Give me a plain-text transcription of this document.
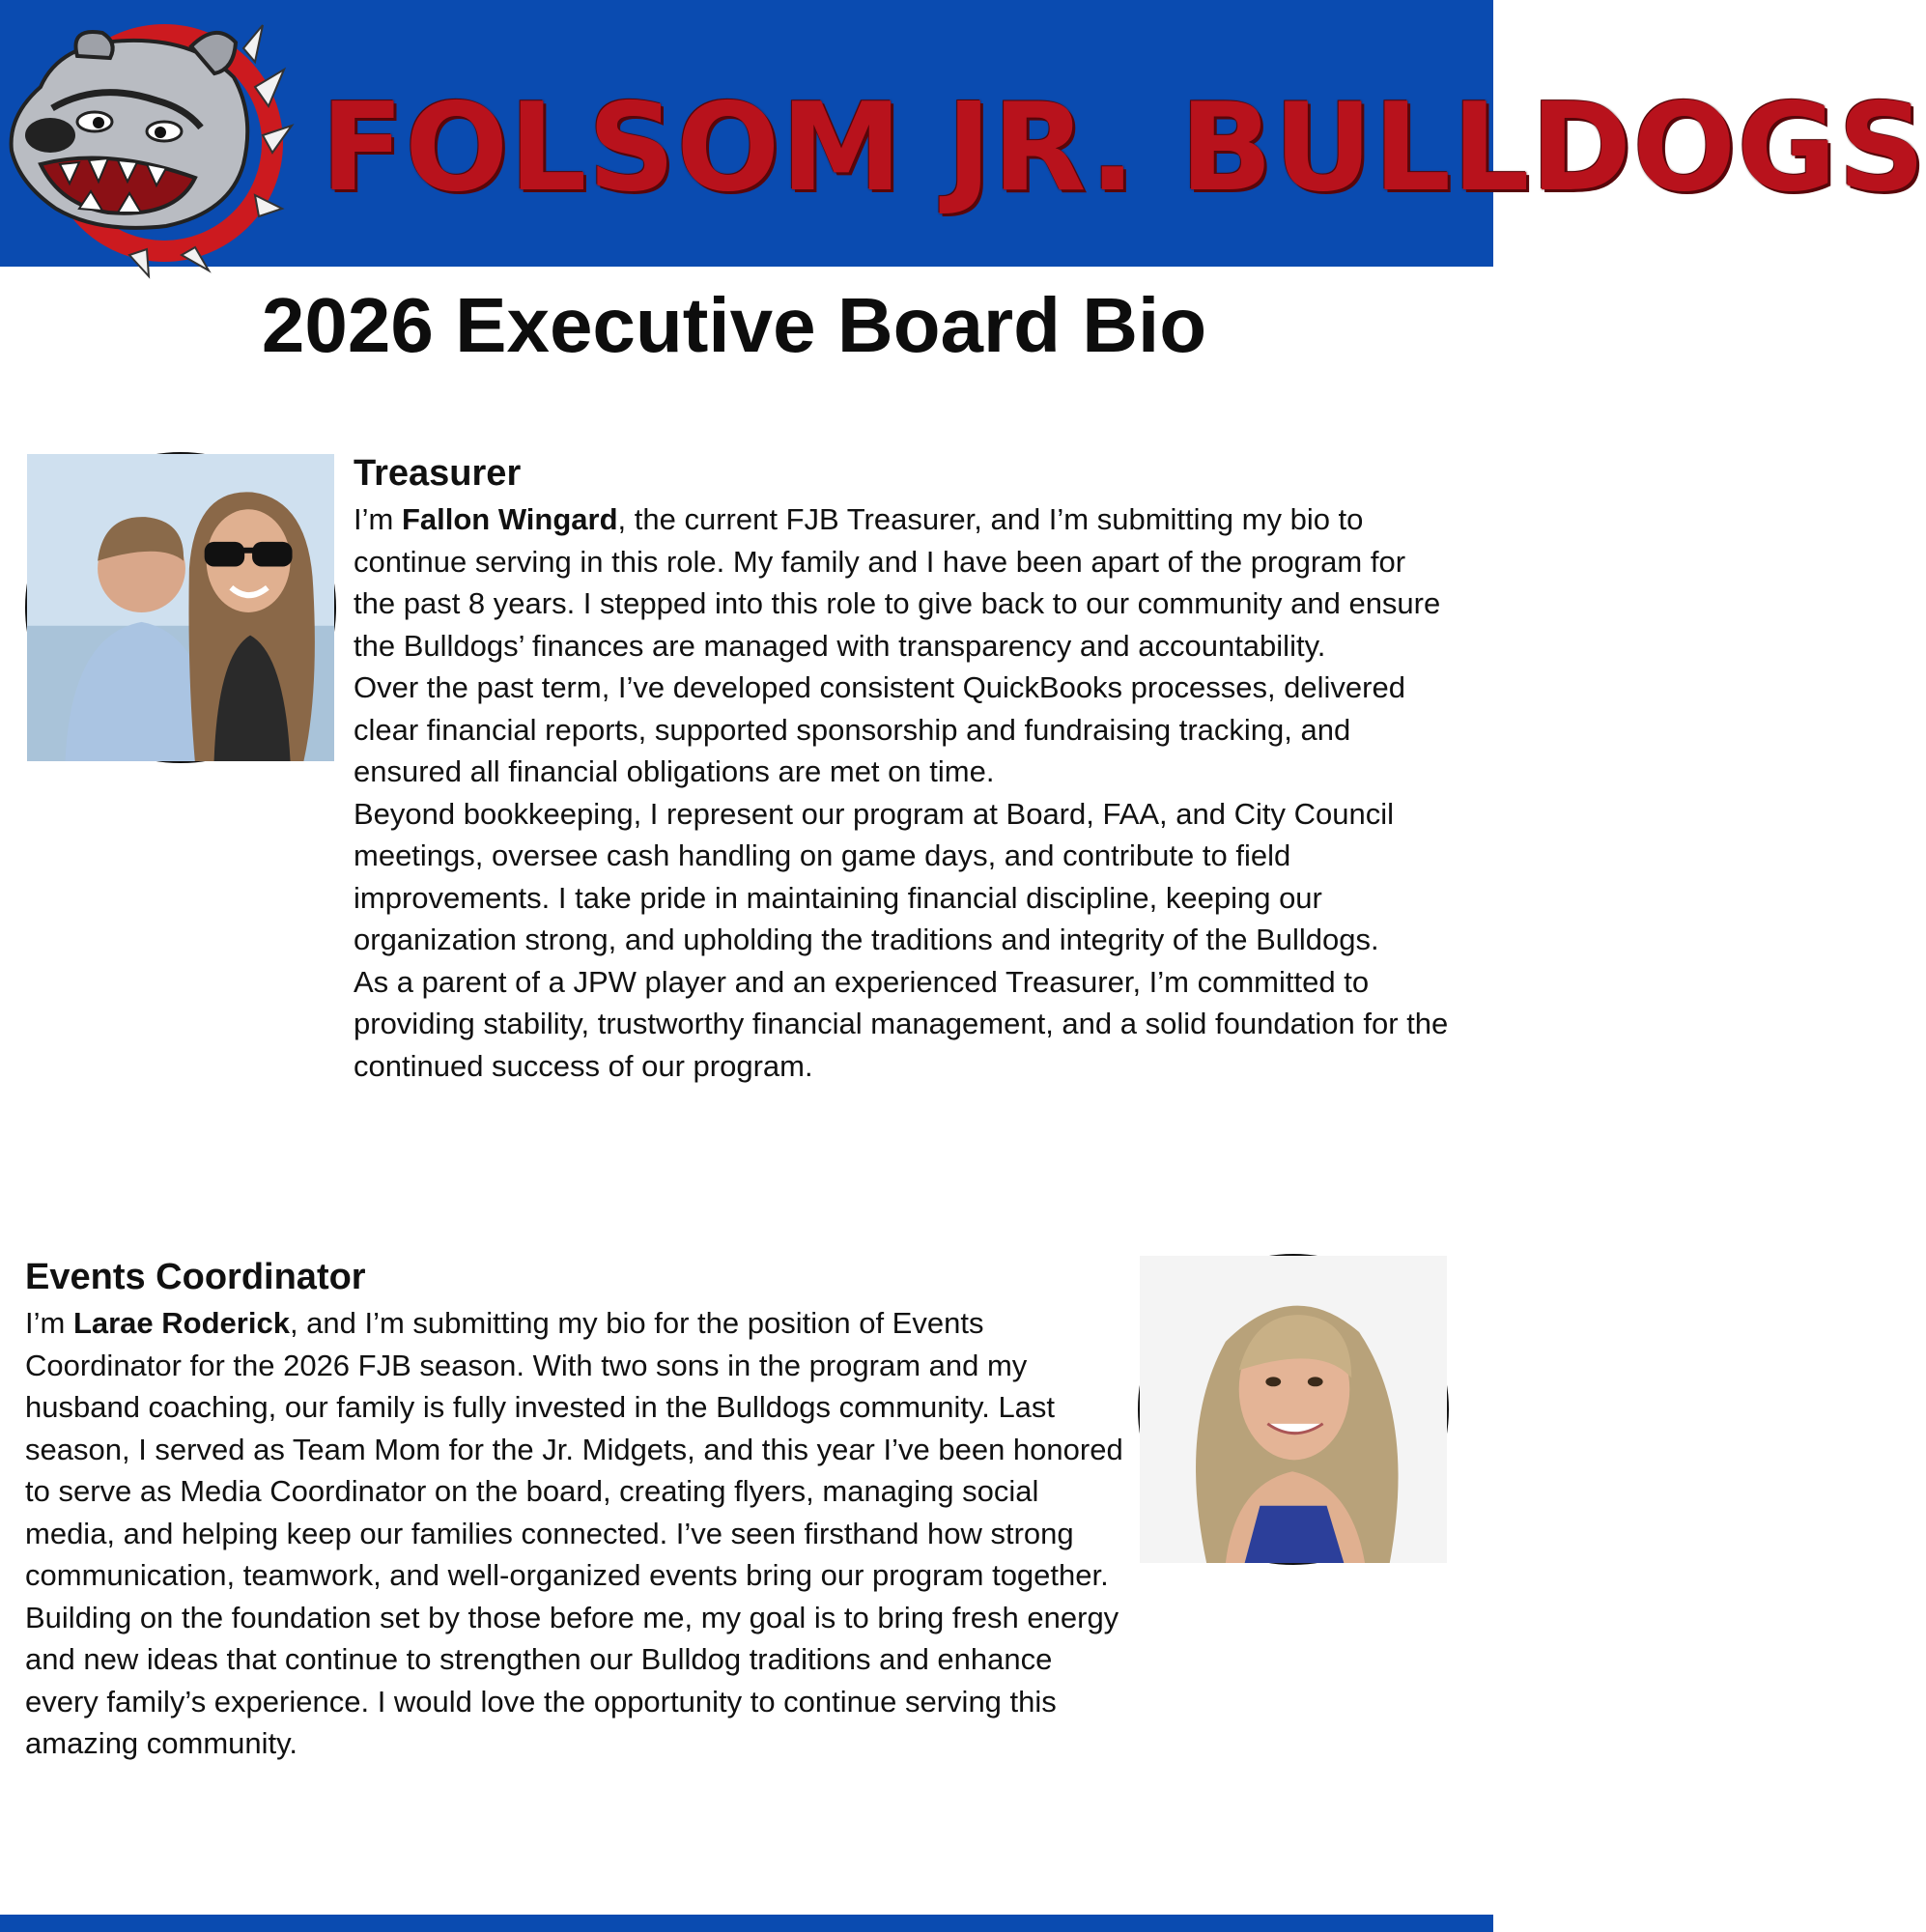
FOLSOM JR. BULLDOGS
2026 Executive Board Bio
Treasurer

I’m Fallon Wingard, the current FJB Treasurer, and I’m submitting my bio to continue serving in this role. My family and I have been apart of the program for the past 8 years. I stepped into this role to give back to our community and ensure the Bulldogs’ finances are managed with transparency and accountability.

Over the past term, I’ve developed consistent QuickBooks processes, delivered clear financial reports, supported sponsorship and fundraising tracking, and ensured all financial obligations are met on time.

Beyond bookkeeping, I represent our program at Board, FAA, and City Council meetings, oversee cash handling on game days, and contribute to field improvements. I take pride in maintaining financial discipline, keeping our organization strong, and upholding the traditions and integrity of the Bulldogs.

As a parent of a JPW player and an experienced Treasurer, I’m committed to providing stability, trustworthy financial management, and a solid foundation for the continued success of our program.

Events Coordinator

I’m Larae Roderick, and I’m submitting my bio for the position of Events Coordinator for the 2026 FJB season. With two sons in the program and my husband coaching, our family is fully invested in the Bulldogs community. Last season, I served as Team Mom for the Jr. Midgets, and this year I’ve been honored to serve as Media Coordinator on the board, creating flyers, managing social media, and helping keep our families connected. I’ve seen firsthand how strong communication, teamwork, and well-organized events bring our program together.

Building on the foundation set by those before me, my goal is to bring fresh energy and new ideas that continue to strengthen our Bulldog traditions and enhance every family’s experience. I would love the opportunity to continue serving this amazing community.
